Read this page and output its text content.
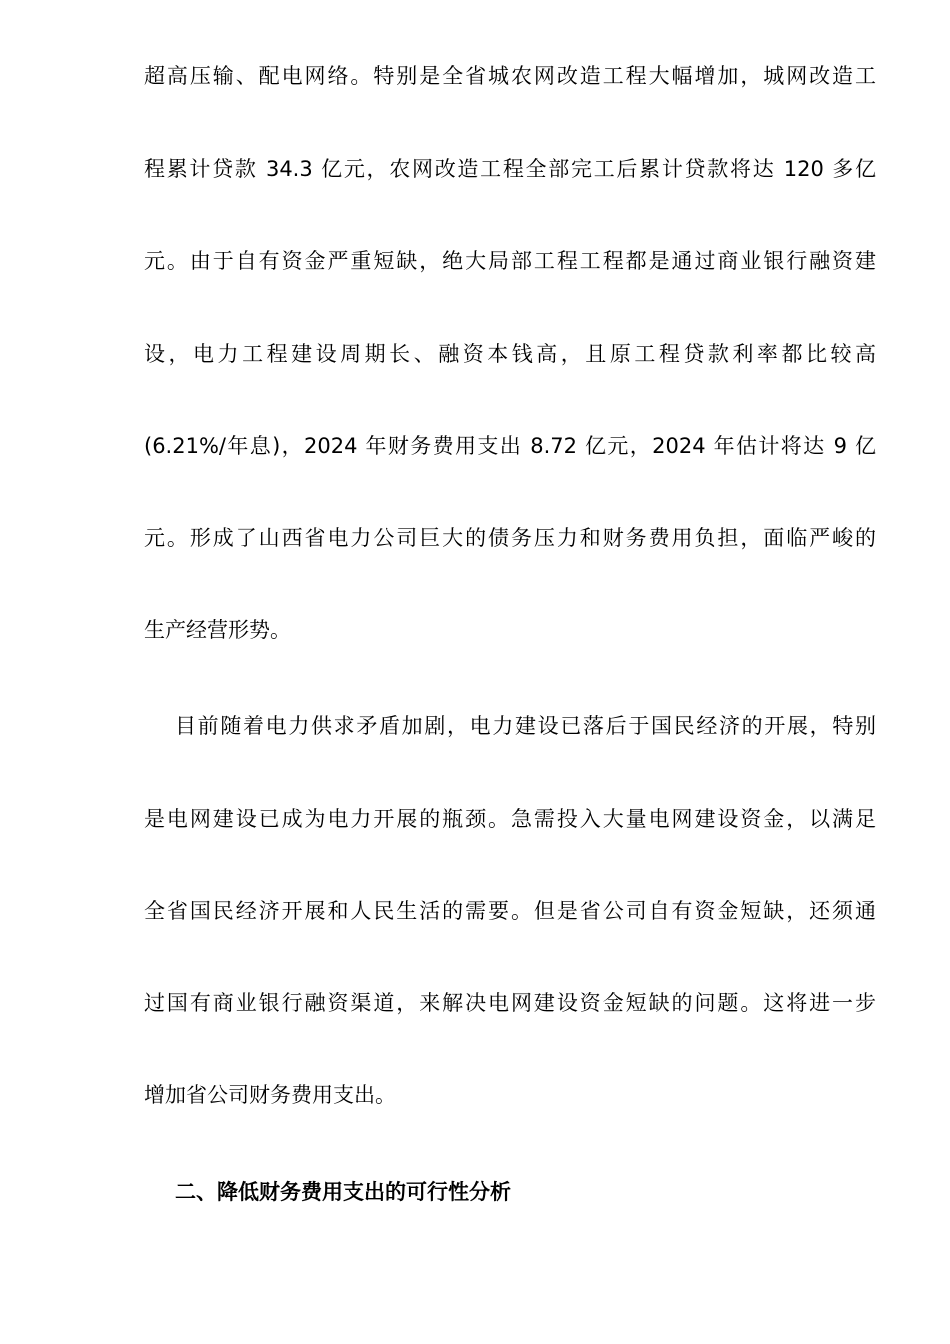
超高压输、配电网络。特别是全省城农网改造工程大幅增加，城网改造工
程累计贷款 34.3 亿元，农网改造工程全部完工后累计贷款将达 120 多亿
元。由于自有资金严重短缺，绝大局部工程工程都是通过商业银行融资建
设，电力工程建设周期长、融资本钱高，且原工程贷款利率都比较高
(6.21%/年息)，2024 年财务费用支出 8.72 亿元，2024 年估计将达 9 亿
元。形成了山西省电力公司巨大的债务压力和财务费用负担，面临严峻的
生产经营形势。
目前随着电力供求矛盾加剧，电力建设已落后于国民经济的开展，特别
是电网建设已成为电力开展的瓶颈。急需投入大量电网建设资金，以满足
全省国民经济开展和人民生活的需要。但是省公司自有资金短缺，还须通
过国有商业银行融资渠道，来解决电网建设资金短缺的问题。这将进一步
增加省公司财务费用支出。
二、降低财务费用支出的可行性分析
